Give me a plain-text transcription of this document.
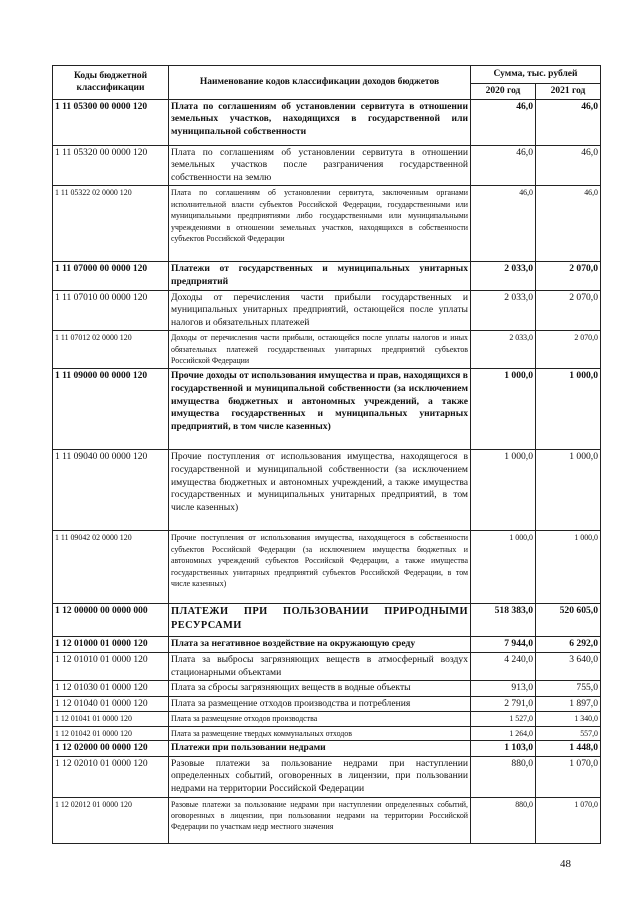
Коды бюджетной классификации	Наименование кодов классификации доходов бюджетов	Сумма, тыс. рублей	
		2020 год	2021 год
1 11 05300 00 0000 120	Плата по соглашениям об установлении сервитута в отношении земельных участков, находящихся в государственной или муниципальной собственности	46,0	46,0
1 11 05320 00 0000 120	Плата по соглашениям об установлении сервитута в отношении земельных участков после разграничения государственной собственности на землю	46,0	46,0
1 11 05322 02 0000 120	Плата по соглашениям об установлении сервитута, заключенным органами исполнительной власти субъектов Российской Федерации, государственными или муниципальными предприятиями либо государственными или муниципальными учреждениями в отношении земельных участков, находящихся в собственности субъектов Российской Федерации	46,0	46,0
1 11 07000 00 0000 120	Платежи от государственных и муниципальных унитарных предприятий	2 033,0	2 070,0
1 11 07010 00 0000 120	Доходы от перечисления части прибыли государственных и муниципальных унитарных предприятий, остающейся после уплаты налогов и обязательных платежей	2 033,0	2 070,0
1 11 07012 02 0000 120	Доходы от перечисления части прибыли, остающейся после уплаты налогов и иных обязательных платежей государственных унитарных предприятий субъектов Российской Федерации	2 033,0	2 070,0
1 11 09000 00 0000 120	Прочие доходы от использования имущества и прав, находящихся в государственной и муниципальной собственности (за исключением имущества бюджетных и автономных учреждений, а также имущества государственных и муниципальных унитарных предприятий, в том числе казенных)	1 000,0	1 000,0
1 11 09040 00 0000 120	Прочие поступления от использования имущества, находящегося в государственной и муниципальной собственности (за исключением имущества бюджетных и автономных учреждений, а также имущества государственных и муниципальных унитарных предприятий, в том числе казенных)	1 000,0	1 000,0
1 11 09042 02 0000 120	Прочие поступления от использования имущества, находящегося в собственности субъектов Российской Федерации (за исключением имущества бюджетных и автономных учреждений субъектов Российской Федерации, а также имущества государственных унитарных предприятий субъектов Российской Федерации, в том числе казенных)	1 000,0	1 000,0
1 12 00000 00 0000 000	ПЛАТЕЖИ ПРИ ПОЛЬЗОВАНИИ ПРИРОДНЫМИ РЕСУРСАМИ	518 383,0	520 605,0
1 12 01000 01 0000 120	Плата за негативное воздействие на окружающую среду	7 944,0	6 292,0
1 12 01010 01 0000 120	Плата за выбросы загрязняющих веществ в атмосферный воздух стационарными объектами	4 240,0	3 640,0
1 12 01030 01 0000 120	Плата за сбросы загрязняющих веществ в водные объекты	913,0	755,0
1 12 01040 01 0000 120	Плата за размещение отходов производства и потребления	2 791,0	1 897,0
1 12 01041 01 0000 120	Плата за размещение отходов производства	1 527,0	1 340,0
1 12 01042 01 0000 120	Плата за размещение твердых коммунальных отходов	1 264,0	557,0
1 12 02000 00 0000 120	Платежи при пользовании недрами	1 103,0	1 448,0
1 12 02010 01 0000 120	Разовые платежи за пользование недрами при наступлении определенных событий, оговоренных в лицензии, при пользовании недрами на территории Российской Федерации	880,0	1 070,0
1 12 02012 01 0000 120	Разовые платежи за пользование недрами при наступлении определенных событий, оговоренных в лицензии, при пользовании недрами на территории Российской Федерации по участкам недр местного значения	880,0	1 070,0
48
